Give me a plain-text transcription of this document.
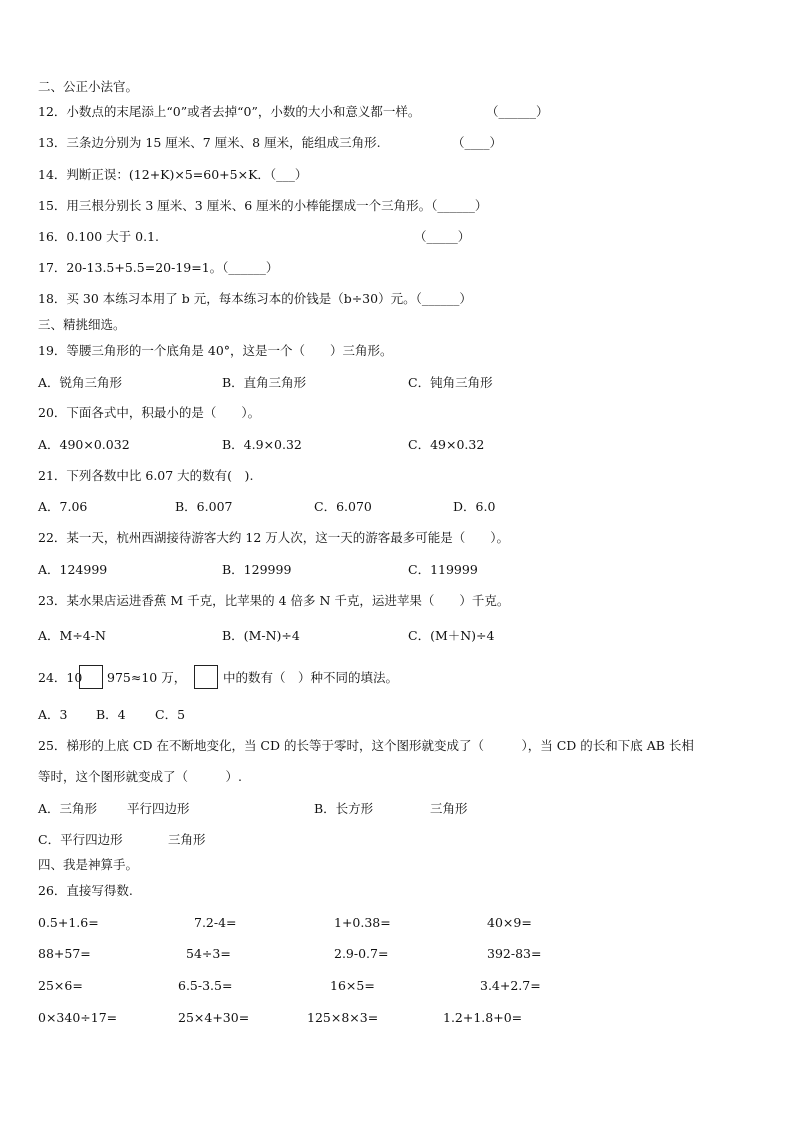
二、公正小法官。
12．小数点的末尾添上“0”或者去掉“0”，小数的大小和意义都一样。	（______）
13．三条边分别为 15 厘米、7 厘米、8 厘米，能组成三角形.	（____）
14．判断正误：(12+K)×5=60+5×K．（___）
15．用三根分别长 3 厘米、3 厘米、6 厘米的小棒能摆成一个三角形。（______）
16．0.100 大于 0.1.	（_____）
17．20-13.5+5.5=20-19=1。（______）
18．买 30 本练习本用了 b 元，每本练习本的价钱是（b÷30）元。（______）
三、精挑细选。
19．等腰三角形的一个底角是 40°，这是一个（　　）三角形。
A．锐角三角形	B．直角三角形	C．钝角三角形
20．下面各式中，积最小的是（　　）。
A．490×0.032	B．4.9×0.32	C．49×0.32
21．下列各数中比 6.07 大的数有(　).
A．7.06	B．6.007	C．6.070	D．6.0
22．某一天，杭州西湖接待游客大约 12 万人次，这一天的游客最多可能是（　　）。
A．124999	B．129999	C．119999
23．某水果店运进香蕉 M 千克，比苹果的 4 倍多 N 千克，运进苹果（　　）千克。
A．M÷4-N	B．(M-N)÷4	C．(M＋N)÷4
24．10 975≈10 万，	中的数有（　）种不同的填法。
A．3 B．4 C．5
25．梯形的上底 CD 在不断地变化，当 CD 的长等于零时，这个图形就变成了（　　　），当 CD 的长和下底 AB 长相
等时，这个图形就变成了（　　　）.
A．三角形 平行四边形	B．长方形	三角形
C．平行四边形	三角形
四、我是神算手。
26．直接写得数.
0.5+1.6=	7.2-4=	1+0.38=	40×9=
88+57=	54÷3=	2.9-0.7=	392-83=
25×6=	6.5-3.5=	16×5=	3.4+2.7=
0×340÷17=	25×4+30=	125×8×3=	1.2+1.8+0=
